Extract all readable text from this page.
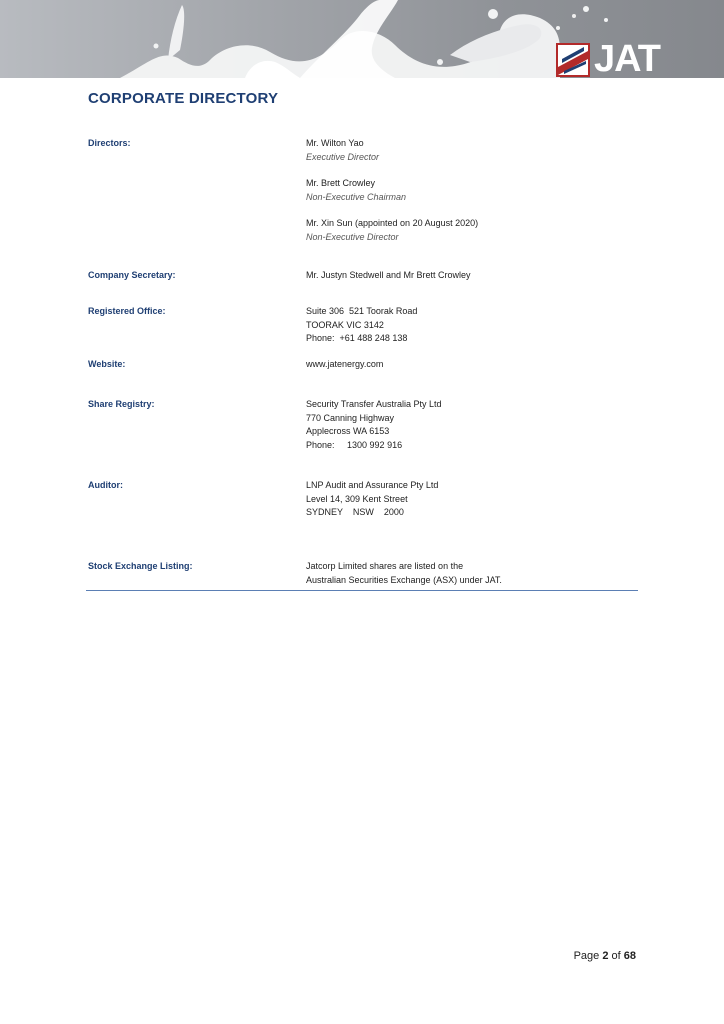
JAT
CORPORATE DIRECTORY
Directors:	Mr. Wilton Yao
Executive Director
Mr. Brett Crowley
Non-Executive Chairman
Mr. Xin Sun (appointed on 20 August 2020)
Non-Executive Director
Company Secretary:	Mr. Justyn Stedwell and Mr Brett Crowley
Registered Office:	Suite 306  521 Toorak Road
TOORAK VIC 3142
Phone:  +61 488 248 138
Website:	www.jatenergy.com
Share Registry:	Security Transfer Australia Pty Ltd
770 Canning Highway
Applecross WA 6153
Phone:     1300 992 916
Auditor:	LNP Audit and Assurance Pty Ltd
Level 14, 309 Kent Street
SYDNEY    NSW    2000
Stock Exchange Listing:	Jatcorp Limited shares are listed on the
Australian Securities Exchange (ASX) under JAT.
Page 2 of 68
